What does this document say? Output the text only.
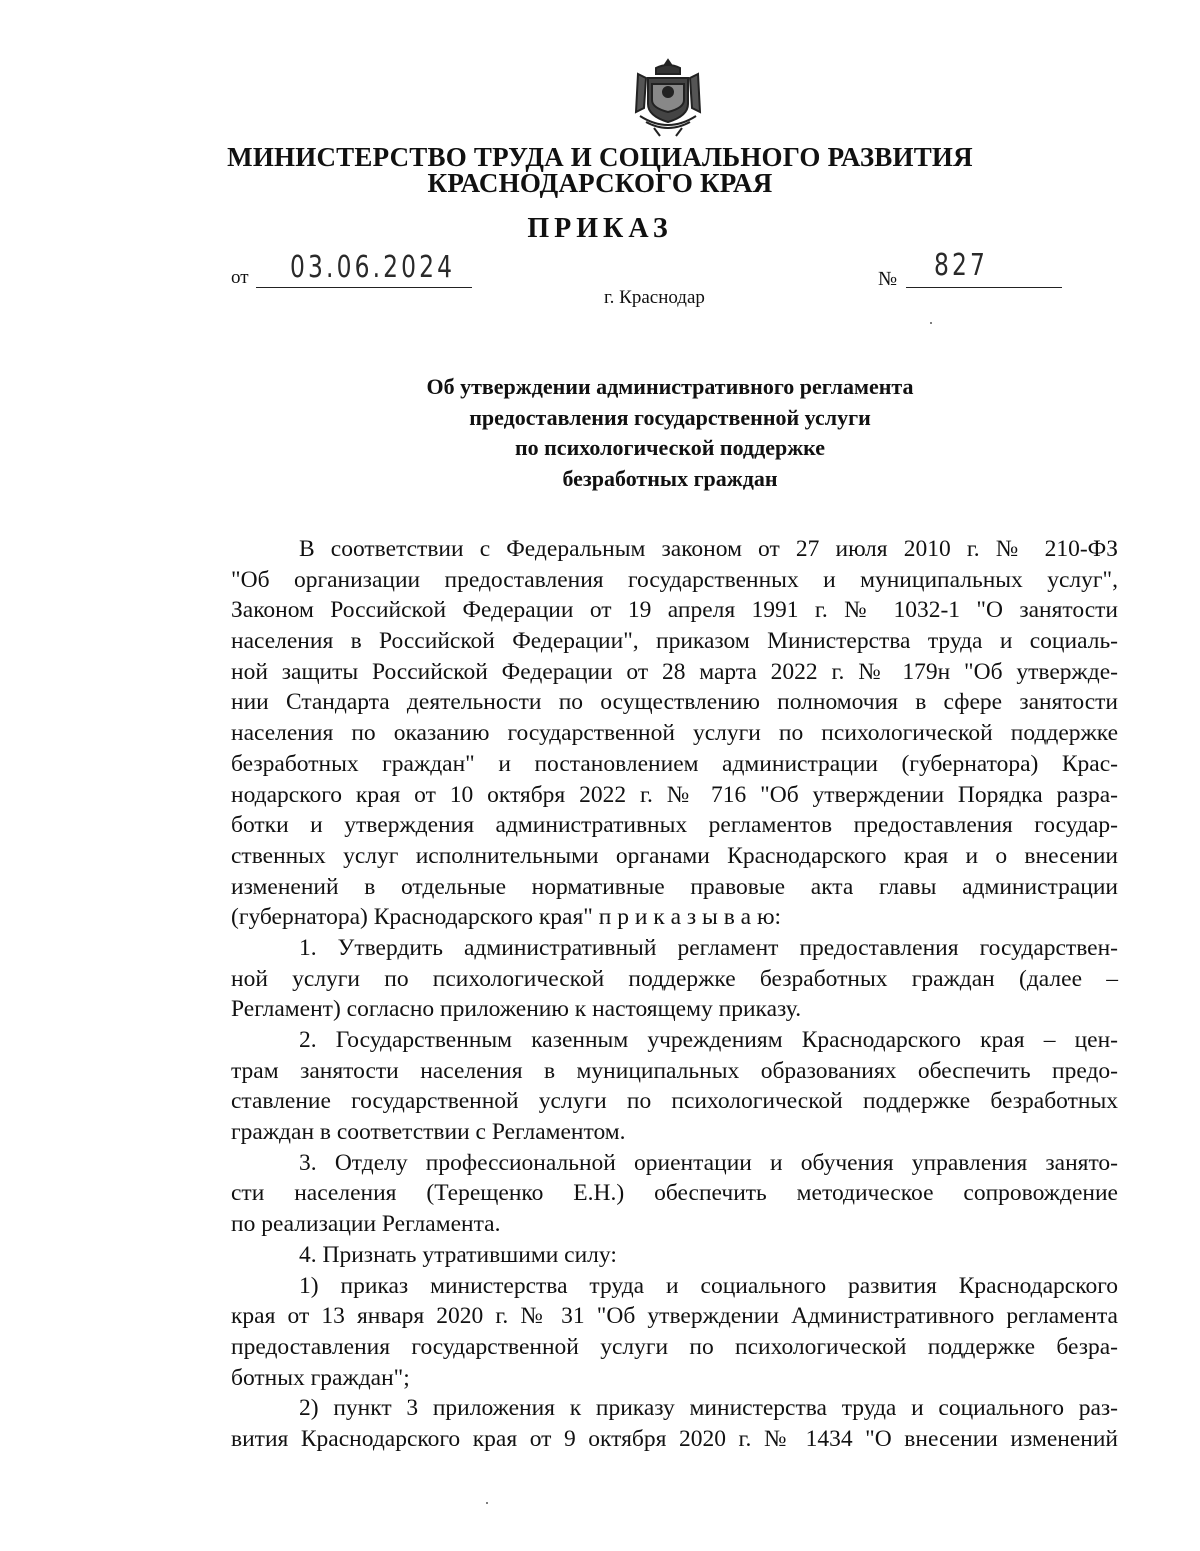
МИНИСТЕРСТВО ТРУДА И СОЦИАЛЬНОГО РАЗВИТИЯ
КРАСНОДАРСКОГО КРАЯ
ПРИКАЗ
от 03.06.2024	№ 827
г. Краснодар
Об утверждении административного регламента
предоставления государственной услуги
по психологической поддержке
безработных граждан
В соответствии с Федеральным законом от 27 июля 2010 г. № 210-ФЗ
"Об организации предоставления государственных и муниципальных услуг",
Законом Российской Федерации от 19 апреля 1991 г. № 1032-1 "О занятости
населения в Российской Федерации", приказом Министерства труда и социаль-
ной защиты Российской Федерации от 28 марта 2022 г. № 179н "Об утвержде-
нии Стандарта деятельности по осуществлению полномочия в сфере занятости
населения по оказанию государственной услуги по психологической поддержке
безработных граждан" и постановлением администрации (губернатора) Крас-
нодарского края от 10 октября 2022 г. № 716 "Об утверждении Порядка разра-
ботки и утверждения административных регламентов предоставления государ-
ственных услуг исполнительными органами Краснодарского края и о внесении
изменений в отдельные нормативные правовые акта главы администрации
(губернатора) Краснодарского края" п р и к а з ы в а ю:
1. Утвердить административный регламент предоставления государствен-
ной услуги по психологической поддержке безработных граждан (далее –
Регламент) согласно приложению к настоящему приказу.
2. Государственным казенным учреждениям Краснодарского края – цен-
трам занятости населения в муниципальных образованиях обеспечить предо-
ставление государственной услуги по психологической поддержке безработных
граждан в соответствии с Регламентом.
3. Отделу профессиональной ориентации и обучения управления занято-
сти населения (Терещенко Е.Н.) обеспечить методическое сопровождение
по реализации Регламента.
4. Признать утратившими силу:
1) приказ министерства труда и социального развития Краснодарского
края от 13 января 2020 г. № 31 "Об утверждении Административного регламента
предоставления государственной услуги по психологической поддержке безра-
ботных граждан";
2) пункт 3 приложения к приказу министерства труда и социального раз-
вития Краснодарского края от 9 октября 2020 г. № 1434 "О внесении изменений
